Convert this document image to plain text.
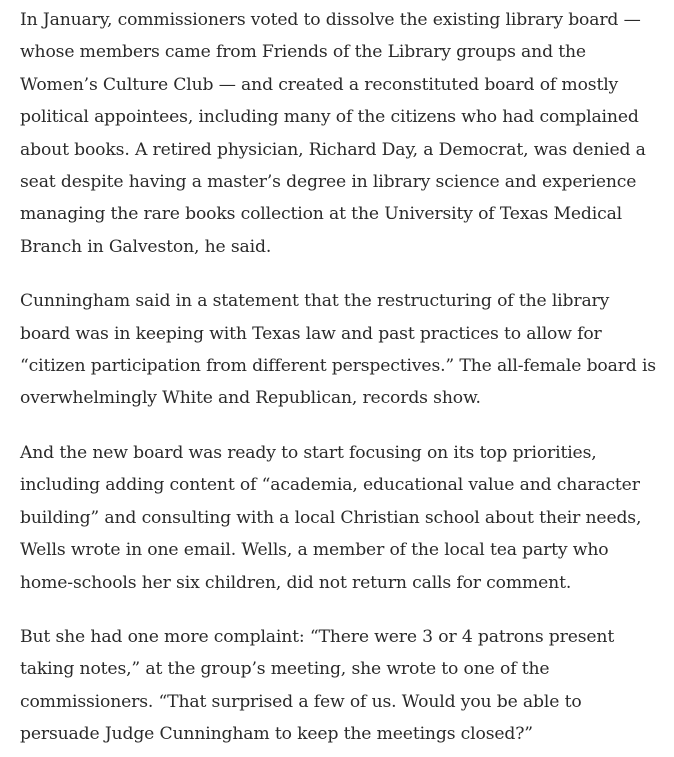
In January, commissioners voted to dissolve the existing library board — whose members came from Friends of the Library groups and the Women’s Culture Club — and created a reconstituted board of mostly political appointees, including many of the citizens who had complained about books. A retired physician, Richard Day, a Democrat, was denied a seat despite having a master’s degree in library science and experience managing the rare books collection at the University of Texas Medical Branch in Galveston, he said.

Cunningham said in a statement that the restructuring of the library board was in keeping with Texas law and past practices to allow for “citizen participation from different perspectives.” The all-female board is overwhelmingly White and Republican, records show.

And the new board was ready to start focusing on its top priorities, including adding content of “academia, educational value and character building” and consulting with a local Christian school about their needs, Wells wrote in one email. Wells, a member of the local tea party who home-schools her six children, did not return calls for comment.

But she had one more complaint: “There were 3 or 4 patrons present taking notes,” at the group’s meeting, she wrote to one of the commissioners. “That surprised a few of us. Would you be able to persuade Judge Cunningham to keep the meetings closed?”
